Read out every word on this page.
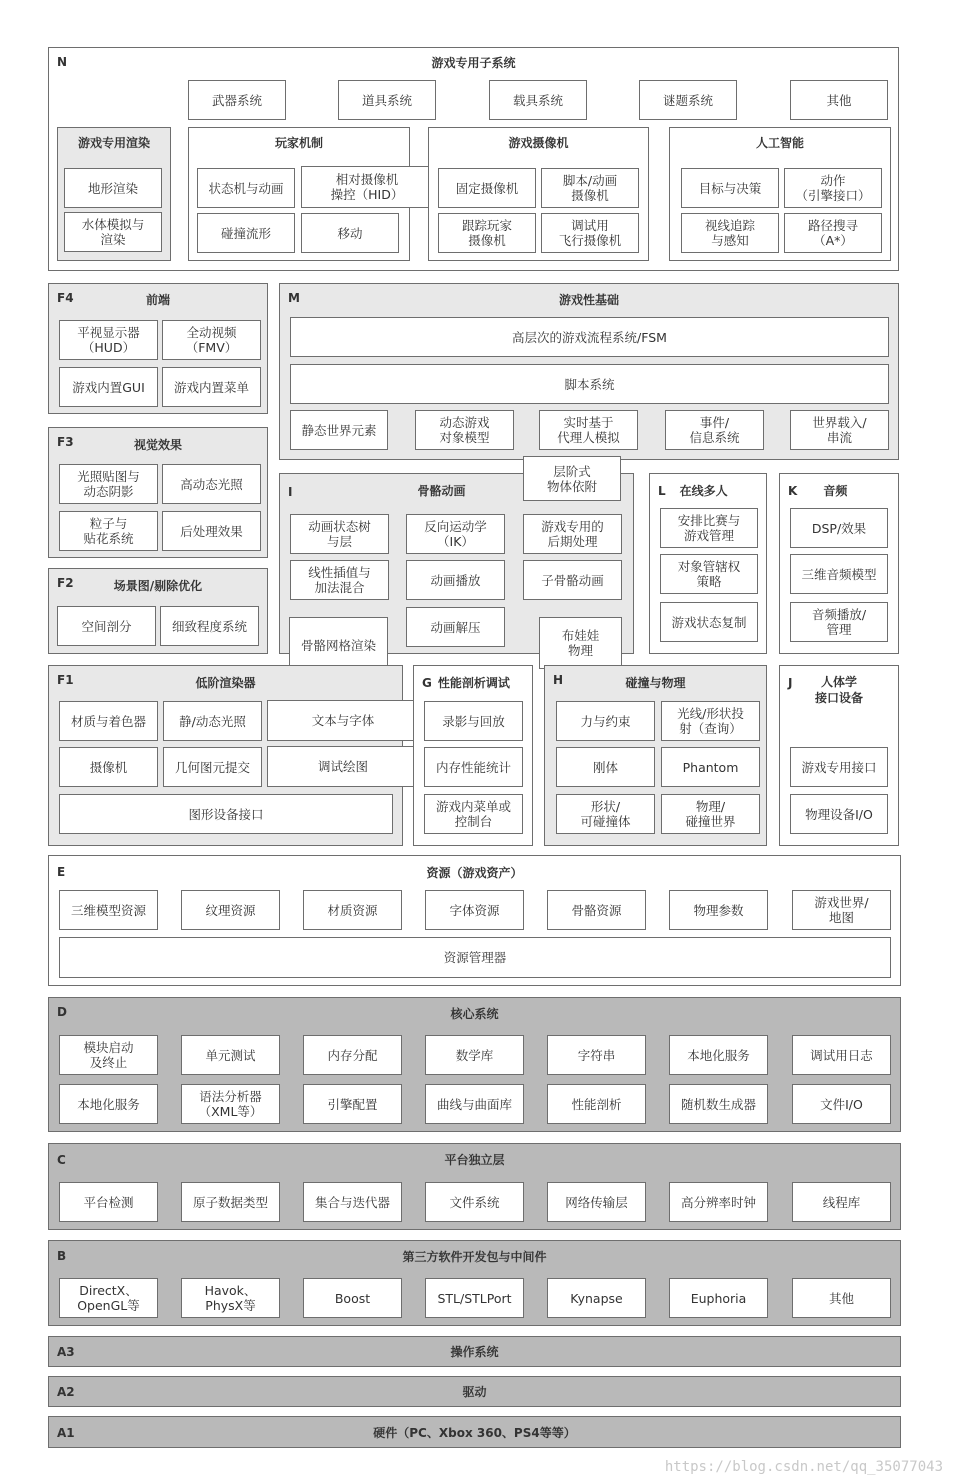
N	游戏专用子系统
武器系统	道具系统	载具系统	谜题系统	其他
游戏专用渲染
地形渲染
水体模拟与
渲染
玩家机制
状态机与动画
相对摄像机
操控（HID）
碰撞流形	移动
游戏摄像机
固定摄像机	脚本/动画
摄像机
跟踪玩家
摄像机
调试用
飞行摄像机
人工智能
目标与决策	动作
（引擎接口）
视线追踪
与感知
路径搜寻
（A*）
F4	前端
平视显示器
（HUD）
全动视频
（FMV）
游戏内置GUI	游戏内置菜单
F3	视觉效果
光照贴图与
动态阴影	高动态光照
粒子与
贴花系统	后处理效果
F2	场景图/剔除优化
空间剖分	细致程度系统
M	游戏性基础
高层次的游戏流程系统/FSM
脚本系统
静态世界元素	动态游戏
对象模型
实时基于
代理人模拟
事件/
信息系统
世界载入/
串流
I	骨骼动画
动画状态树
与层
反向运动学
（IK）
游戏专用的
后期处理
线性插值与
加法混合	动画播放	子骨骼动画
动画解压
层阶式
物体依附
骨骼网格渲染
布娃娃
物理
L 在线多人
安排比赛与
游戏管理
对象管辖权
策略
游戏状态复制
K 音频
DSP/效果
三维音频模型
音频播放/
管理
F1	低阶渲染器
材质与着色器	静/动态光照
摄像机	几何图元提交
图形设备接口
文本与字体
调试绘图
G 性能剖析调试
录影与回放
内存性能统计
游戏内菜单或
控制台
H	碰撞与物理
力与约束	光线/形状投
射（查询）
刚体	Phantom
形状/
可碰撞体
物理/
碰撞世界
J	人体学
接口设备
游戏专用接口
物理设备I/O
E	资源（游戏资产）
三维模型资源	纹理资源	材质资源	字体资源	骨骼资源	物理参数	游戏世界/
地图
资源管理器
D	核心系统
模块启动
及终止	单元测试	内存分配	数学库	字符串	本地化服务	调试用日志
本地化服务	语法分析器
（XML等）	引擎配置	曲线与曲面库	性能剖析	随机数生成器	文件I/O
C	平台独立层
平台检测	原子数据类型	集合与迭代器	文件系统	网络传输层	高分辨率时钟	线程库
B	第三方软件开发包与中间件
DirectX、
OpenGL等
Havok、
PhysX等	Boost	STL/STLPort	Kynapse	Euphoria	其他
A3	操作系统
A2	驱动
A1	硬件（PC、Xbox 360、PS4等等）
https://blog.csdn.net/qq_35077043
